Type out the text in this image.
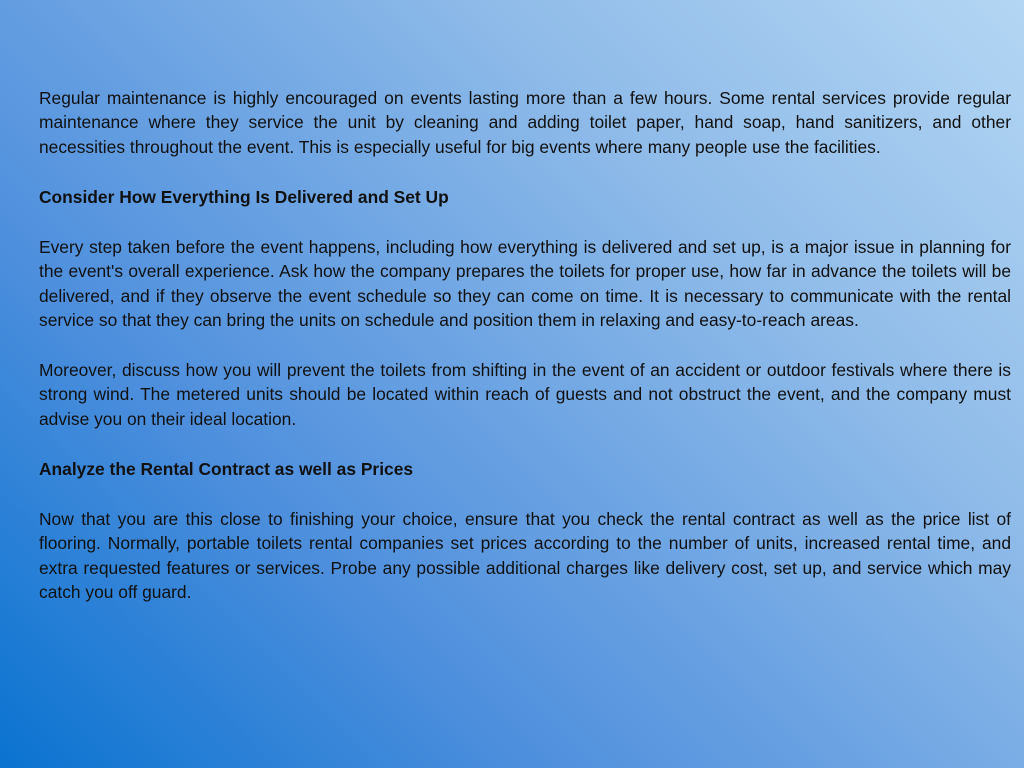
Regular maintenance is highly encouraged on events lasting more than a few hours. Some rental services provide regular maintenance where they service the unit by cleaning and adding toilet paper, hand soap, hand sanitizers, and other necessities throughout the event. This is especially useful for big events where many people use the facilities.

Consider How Everything Is Delivered and Set Up

Every step taken before the event happens, including how everything is delivered and set up, is a major issue in planning for the event's overall experience. Ask how the company prepares the toilets for proper use, how far in advance the toilets will be delivered, and if they observe the event schedule so they can come on time. It is necessary to communicate with the rental service so that they can bring the units on schedule and position them in relaxing and easy-to-reach areas.

Moreover, discuss how you will prevent the toilets from shifting in the event of an accident or outdoor festivals where there is strong wind. The metered units should be located within reach of guests and not obstruct the event, and the company must advise you on their ideal location.

Analyze the Rental Contract as well as Prices

Now that you are this close to finishing your choice, ensure that you check the rental contract as well as the price list of flooring. Normally, portable toilets rental companies set prices according to the number of units, increased rental time, and extra requested features or services. Probe any possible additional charges like delivery cost, set up, and service which may catch you off guard.
